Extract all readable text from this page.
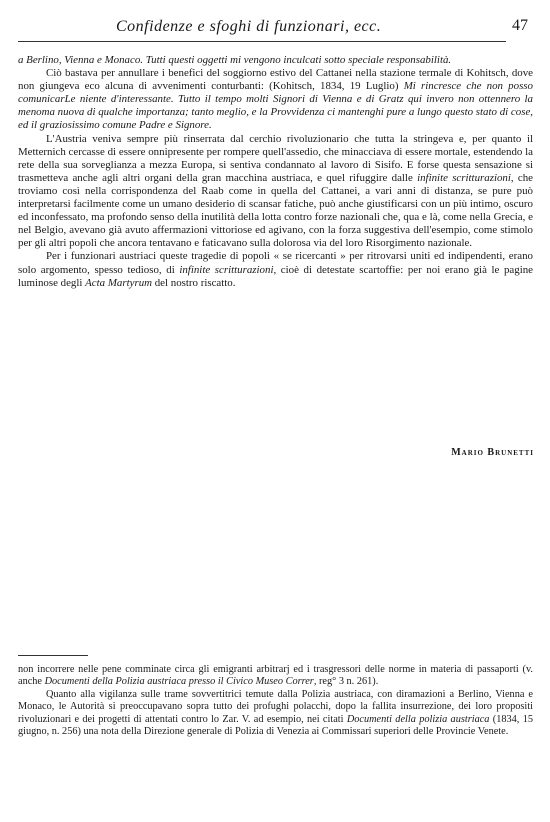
Confidenze e sfoghi di funzionari, ecc.	47

a Berlino, Vienna e Monaco. Tutti questi oggetti mi vengono inculcati sotto speciale responsabilità.

Ciò bastava per annullare i benefici del soggiorno estivo del Cattanei nella stazione termale di Kohitsch, dove non giungeva eco alcuna di avvenimenti conturbanti: (Kohitsch, 1834, 19 Luglio) Mi rincresce che non posso comunicarLe niente d'interessante. Tutto il tempo molti Signori di Vienna e di Gratz qui invero non ottennero la menoma nuova di qualche importanza; tanto meglio, e la Provvidenza ci mantenghi pure a lungo questo stato di cose, ed il graziosissimo comune Padre e Signore.

L'Austria veniva sempre più rinserrata dal cerchio rivoluzionario che tutta la stringeva e, per quanto il Metternich cercasse di essere onnipresente per rompere quell'assedio, che minacciava di essere mortale, estendendo la rete della sua sorveglianza a mezza Europa, si sentiva condannato al lavoro di Sisifo. E forse questa sensazione si trasmetteva anche agli altri organi della gran macchina austriaca, e quel rifuggire dalle infinite scritturazioni, che troviamo così nella corrispondenza del Raab come in quella del Cattanei, a vari anni di distanza, se pure può interpretarsi facilmente come un umano desiderio di scansar fatiche, può anche giustificarsi con un più intimo, oscuro ed inconfessato, ma profondo senso della inutilità della lotta contro forze nazionali che, qua e là, come nella Grecia, e nel Belgio, avevano già avuto affermazioni vittoriose ed agivano, con la forza suggestiva dell'esempio, come stimolo per gli altri popoli che ancora tentavano e faticavano sulla dolorosa via del loro Risorgimento nazionale.

Per i funzionari austriaci queste tragedie di popoli « se ricercanti » per ritrovarsi uniti ed indipendenti, erano solo argomento, spesso tedioso, di infinite scritturazioni, cioè di detestate scartoffie: per noi erano già le pagine luminose degli Acta Martyrum del nostro riscatto.

Mario Brunetti

non incorrere nelle pene comminate circa gli emigranti arbitrarj ed i trasgressori delle norme in materia di passaporti (v. anche Documenti della Polizia austriaca presso il Civico Museo Correr, reg° 3 n. 261).

Quanto alla vigilanza sulle trame sovvertitrici temute dalla Polizia austriaca, con diramazioni a Berlino, Vienna e Monaco, le Autorità si preoccupavano sopra tutto dei profughi polacchi, dopo la fallita insurrezione, dei loro propositi rivoluzionari e dei progetti di attentati contro lo Zar. V. ad esempio, nei citati Documenti della polizia austriaca (1834, 15 giugno, n. 256) una nota della Direzione generale di Polizia di Venezia ai Commissari superiori delle Provincie Venete.
